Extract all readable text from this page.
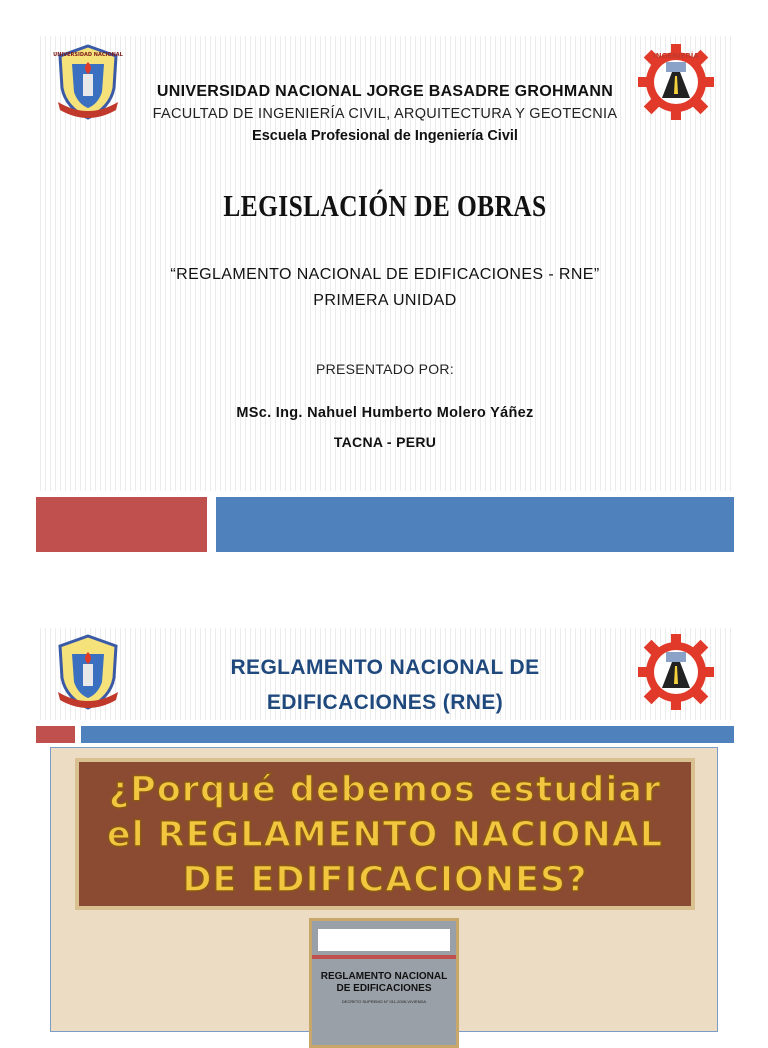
UNIVERSIDAD NACIONAL	INGENIERÍA
UNIVERSIDAD NACIONAL JORGE BASADRE GROHMANN
FACULTAD DE INGENIERÍA CIVIL, ARQUITECTURA Y GEOTECNIA
Escuela Profesional de Ingeniería Civil
LEGISLACIÓN DE OBRAS
“REGLAMENTO NACIONAL DE EDIFICACIONES - RNE”
PRIMERA UNIDAD
PRESENTADO POR:
MSc. Ing. Nahuel Humberto Molero Yáñez
TACNA - PERU
REGLAMENTO NACIONAL DE
EDIFICACIONES (RNE)
¿Porqué debemos estudiar
el REGLAMENTO NACIONAL
DE EDIFICACIONES?
REGLAMENTO NACIONAL
DE EDIFICACIONES
DECRETO SUPREMO N° 011-2006-VIVIENDA
